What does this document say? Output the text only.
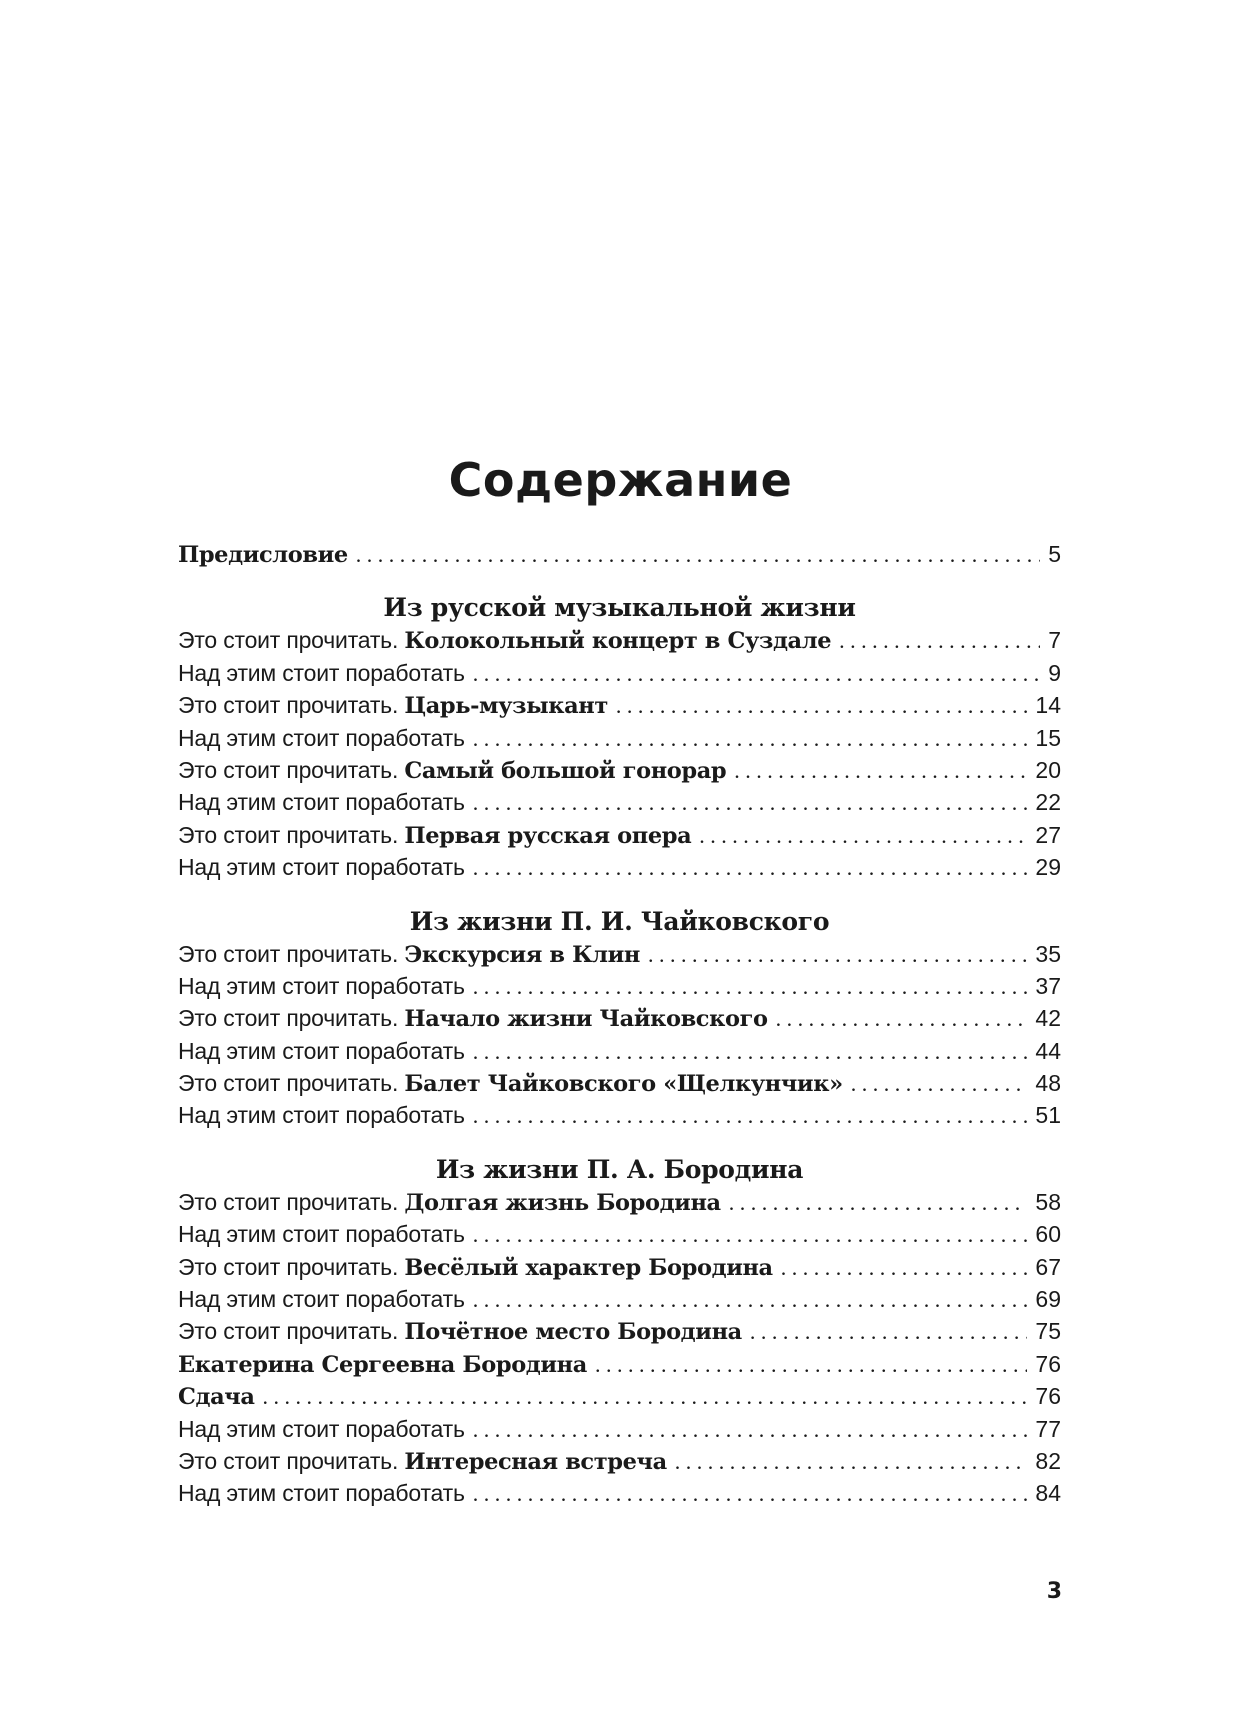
Содержание
Предисловие . . .	5
Из русской музыкальной жизни
Это стоит прочитать. Колокольный концерт в Суздале . . .	7
Над этим стоит поработать . . .	9
Это стоит прочитать. Царь-музыкант . . .	14
Над этим стоит поработать . . .	15
Это стоит прочитать. Самый большой гонорар . . .	20
Над этим стоит поработать . . .	22
Это стоит прочитать. Первая русская опера . . .	27
Над этим стоит поработать . . .	29
Из жизни П. И. Чайковского
Это стоит прочитать. Экскурсия в Клин . . .	35
Над этим стоит поработать . . .	37
Это стоит прочитать. Начало жизни Чайковского . . .	42
Над этим стоит поработать . . .	44
Это стоит прочитать. Балет Чайковского «Щелкунчик» . . .	48
Над этим стоит поработать . . .	51
Из жизни П. А. Бородина
Это стоит прочитать. Долгая жизнь Бородина . . .	58
Над этим стоит поработать . . .	60
Это стоит прочитать. Весёлый характер Бородина . . .	67
Над этим стоит поработать . . .	69
Это стоит прочитать. Почётное место Бородина . . .	75
Екатерина Сергеевна Бородина . . .	76
Сдача . . .	76
Над этим стоит поработать . . .	77
Это стоит прочитать. Интересная встреча . . .	82
Над этим стоит поработать . . .	84
3
